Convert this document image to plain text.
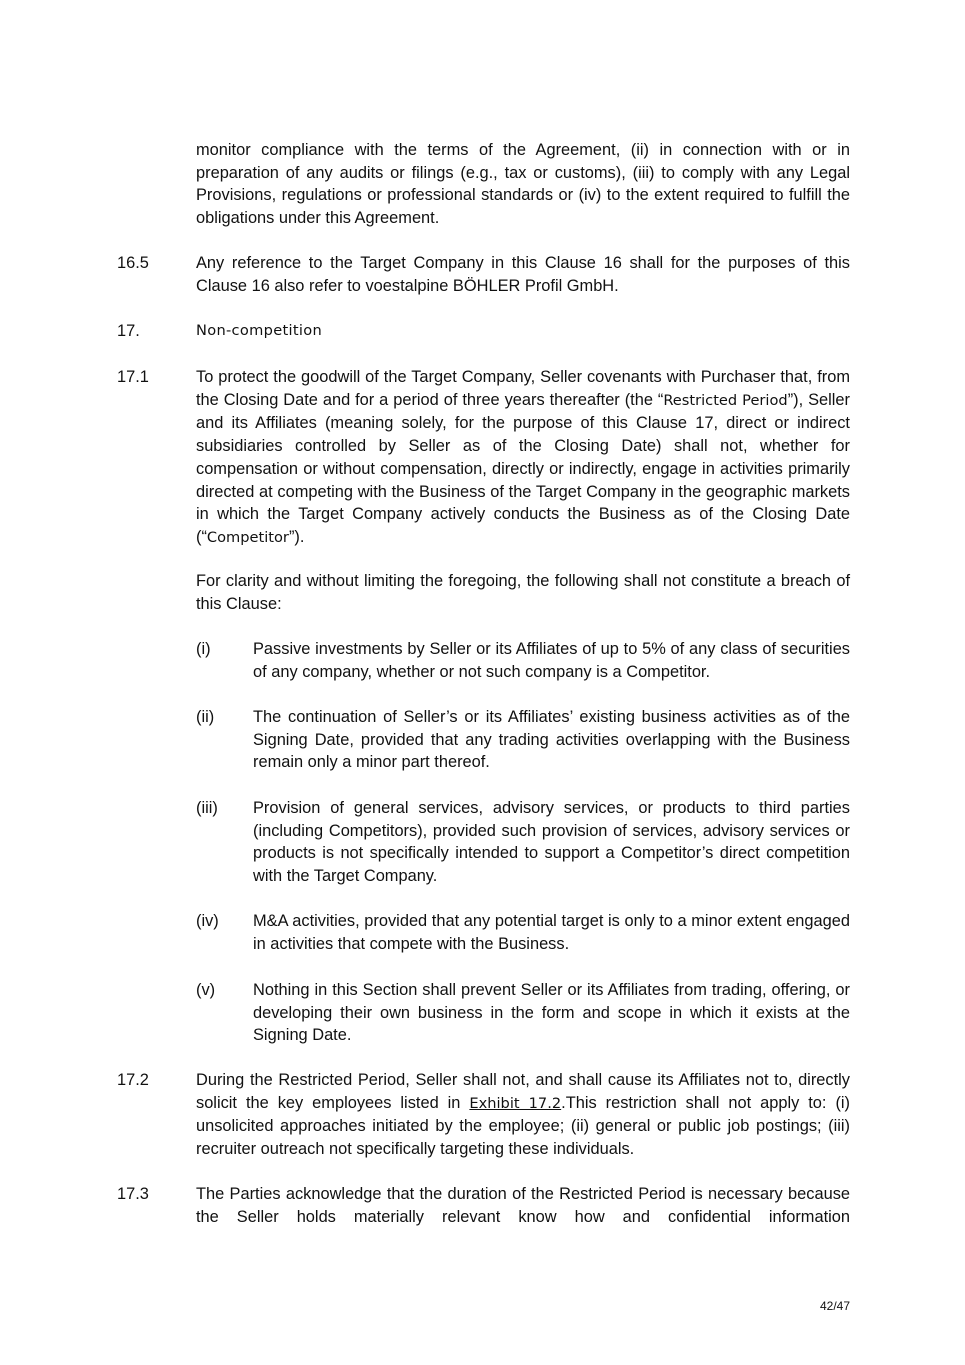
monitor compliance with the terms of the Agreement, (ii) in connection with or in preparation of any audits or filings (e.g., tax or customs), (iii) to comply with any Legal Provisions, regulations or professional standards or (iv) to the extent required to fulfill the obligations under this Agreement.
16.5	Any reference to the Target Company in this Clause 16 shall for the purposes of this Clause 16 also refer to voestalpine BÖHLER Profil GmbH.
17.	Non-competition
17.1	To protect the goodwill of the Target Company, Seller covenants with Purchaser that, from the Closing Date and for a period of three years thereafter (the “Restricted Period”), Seller and its Affiliates (meaning solely, for the purpose of this Clause 17, direct or indirect subsidiaries controlled by Seller as of the Closing Date) shall not, whether for compensation or without compensation, directly or indirectly, engage in activities primarily directed at competing with the Business of the Target Company in the geographic markets in which the Target Company actively conducts the Business as of the Closing Date (“Competitor”).
For clarity and without limiting the foregoing, the following shall not constitute a breach of this Clause:
(i)	Passive investments by Seller or its Affiliates of up to 5% of any class of securities of any company, whether or not such company is a Competitor.
(ii) The continuation of Seller’s or its Affiliates’ existing business activities as of the Signing Date, provided that any trading activities overlapping with the Business remain only a minor part thereof.
(iii) Provision of general services, advisory services, or products to third parties (including Competitors), provided such provision of services, advisory services or products is not specifically intended to support a Competitor’s direct competition with the Target Company.
(iv) M&A activities, provided that any potential target is only to a minor extent engaged in activities that compete with the Business.
(v) Nothing in this Section shall prevent Seller or its Affiliates from trading, offering, or developing their own business in the form and scope in which it exists at the Signing Date.
17.2	During the Restricted Period, Seller shall not, and shall cause its Affiliates not to, directly solicit the key employees listed in Exhibit 17.2.This restriction shall not apply to: (i) unsolicited approaches initiated by the employee; (ii) general or public job postings; (iii) recruiter outreach not specifically targeting these individuals.
17.3	The Parties acknowledge that the duration of the Restricted Period is necessary because the Seller holds materially relevant know how and confidential information
42/47
